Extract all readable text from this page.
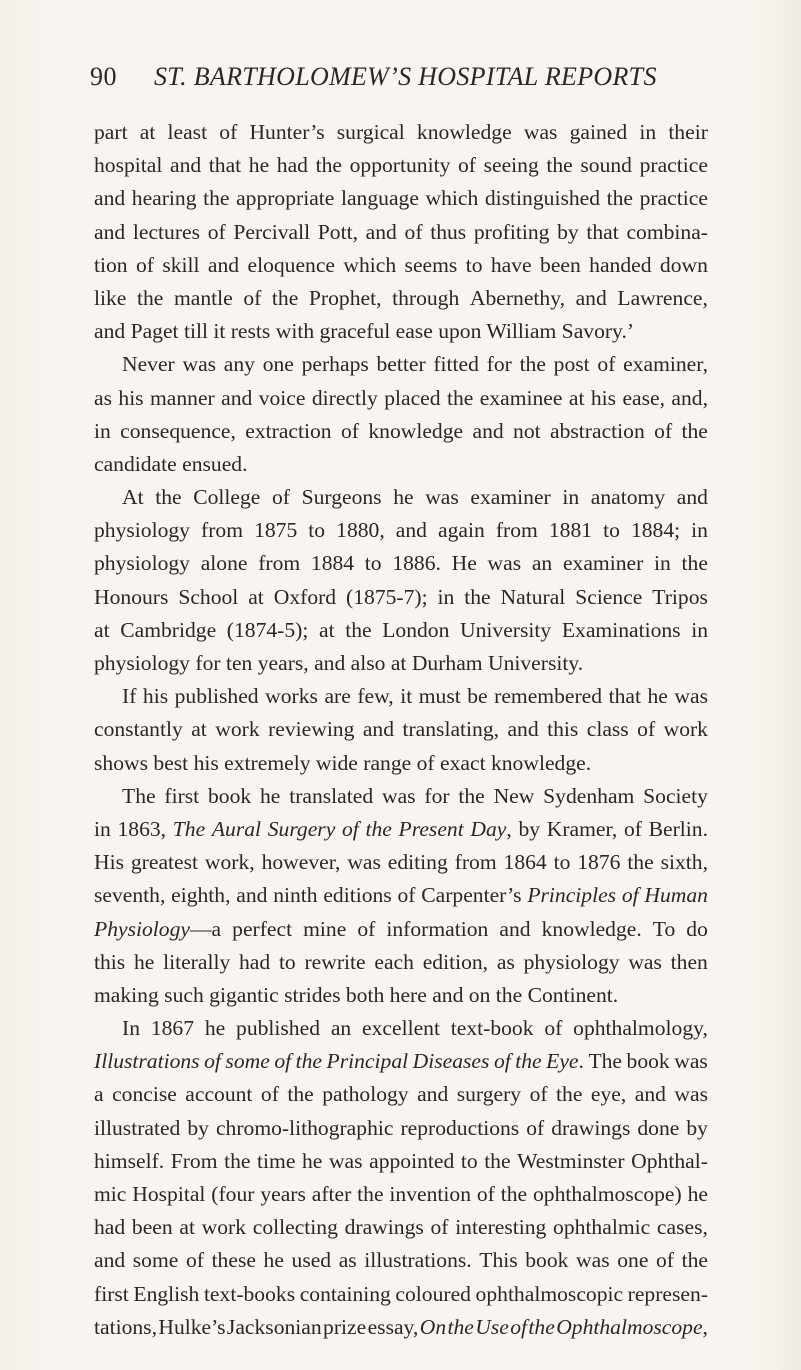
90	ST. BARTHOLOMEW’S HOSPITAL REPORTS
part at least of Hunter’s surgical knowledge was gained in their
hospital and that he had the opportunity of seeing the sound practice
and hearing the appropriate language which distinguished the practice
and lectures of Percivall Pott, and of thus profiting by that combina-
tion of skill and eloquence which seems to have been handed down
like the mantle of the Prophet, through Abernethy, and Lawrence,
and Paget till it rests with graceful ease upon William Savory.’
Never was any one perhaps better fitted for the post of examiner,
as his manner and voice directly placed the examinee at his ease, and,
in consequence, extraction of knowledge and not abstraction of the
candidate ensued.
At the College of Surgeons he was examiner in anatomy and
physiology from 1875 to 1880, and again from 1881 to 1884; in
physiology alone from 1884 to 1886. He was an examiner in the
Honours School at Oxford (1875-7); in the Natural Science Tripos
at Cambridge (1874-5); at the London University Examinations in
physiology for ten years, and also at Durham University.
If his published works are few, it must be remembered that he was
constantly at work reviewing and translating, and this class of work
shows best his extremely wide range of exact knowledge.
The first book he translated was for the New Sydenham Society
in 1863, The Aural Surgery of the Present Day, by Kramer, of Berlin.
His greatest work, however, was editing from 1864 to 1876 the sixth,
seventh, eighth, and ninth editions of Carpenter’s Principles of Human
Physiology—a perfect mine of information and knowledge. To do
this he literally had to rewrite each edition, as physiology was then
making such gigantic strides both here and on the Continent.
In 1867 he published an excellent text-book of ophthalmology,
Illustrations of some of the Principal Diseases of the Eye. The book was
a concise account of the pathology and surgery of the eye, and was
illustrated by chromo-lithographic reproductions of drawings done by
himself. From the time he was appointed to the Westminster Ophthal-
mic Hospital (four years after the invention of the ophthalmoscope) he
had been at work collecting drawings of interesting ophthalmic cases,
and some of these he used as illustrations. This book was one of the
first English text-books containing coloured ophthalmoscopic represen-
tations, Hulke’s Jacksonian prize essay, On the Use of the Ophthalmoscope,
